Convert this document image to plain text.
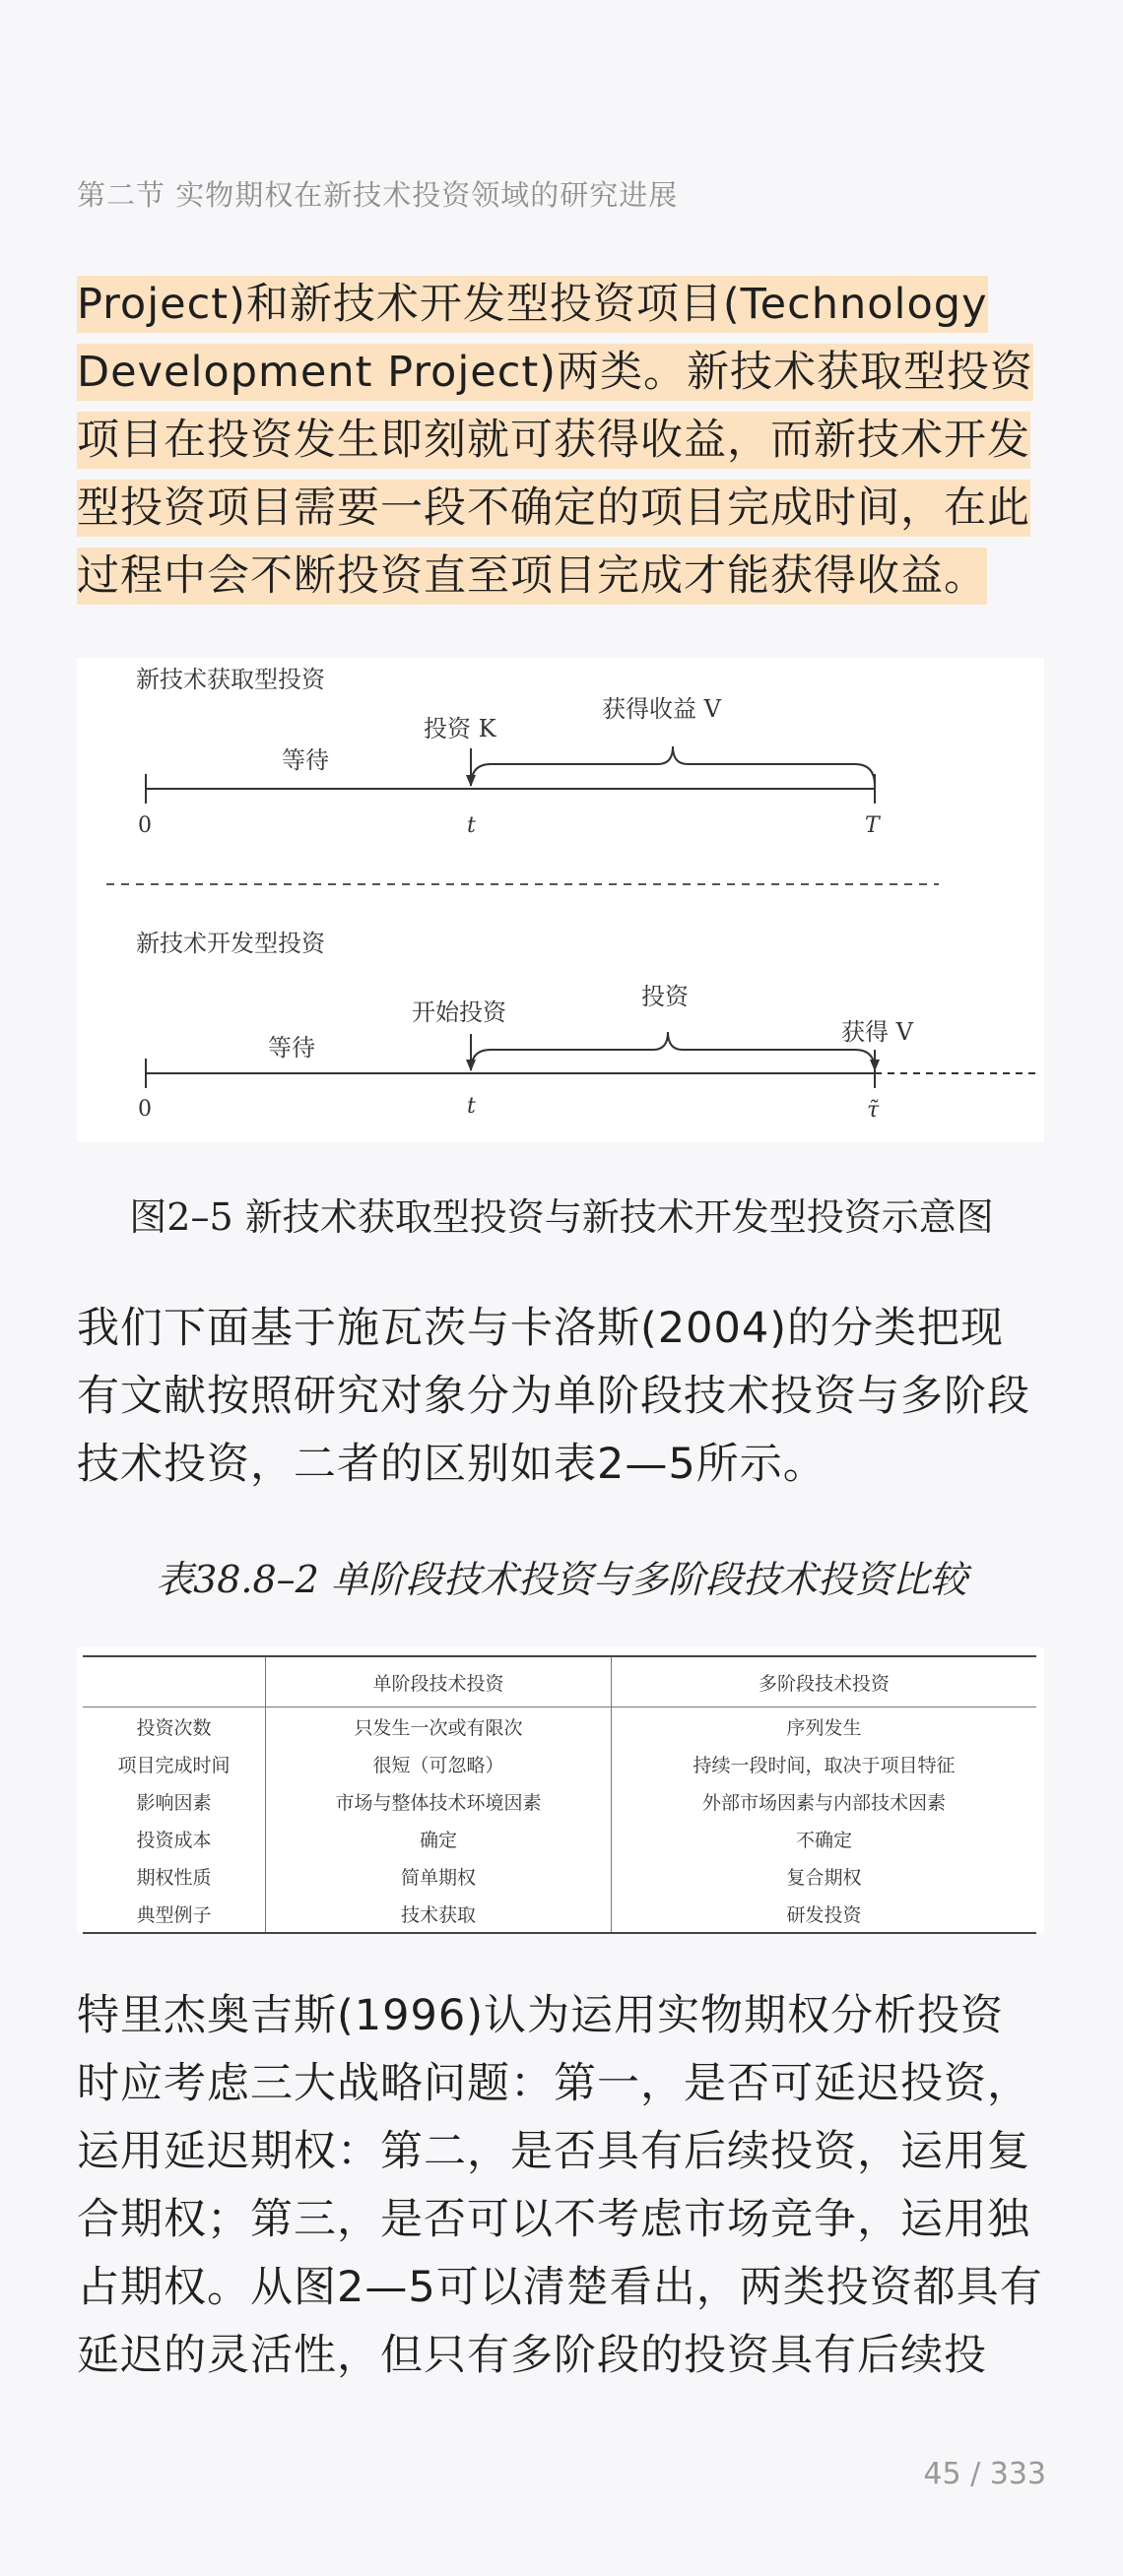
第二节 实物期权在新技术投资领域的研究进展

Project)和新技术开发型投资项目(Technology Development Project)两类。新技术获取型投资项目在投资发生即刻就可获得收益，而新技术开发型投资项目需要一段不确定的项目完成时间，在此过程中会不断投资直至项目完成才能获得收益。

新技术获取型投资
等待
投资 K
获得收益 V
0	t	T
新技术开发型投资
等待
开始投资
投资
获得 V
0	t	τ̃
图2–5 新技术获取型投资与新技术开发型投资示意图

我们下面基于施瓦茨与卡洛斯(2004)的分类把现有文献按照研究对象分为单阶段技术投资与多阶段技术投资，二者的区别如表2—5所示。

表38.8–2 单阶段技术投资与多阶段技术投资比较
	单阶段技术投资	多阶段技术投资
投资次数	只发生一次或有限次	序列发生
项目完成时间	很短（可忽略）	持续一段时间，取决于项目特征
影响因素	市场与整体技术环境因素	外部市场因素与内部技术因素
投资成本	确定	不确定
期权性质	简单期权	复合期权
典型例子	技术获取	研发投资

特里杰奥吉斯(1996)认为运用实物期权分析投资时应考虑三大战略问题：第一，是否可延迟投资，运用延迟期权：第二，是否具有后续投资，运用复合期权；第三，是否可以不考虑市场竞争，运用独占期权。从图2—5可以清楚看出，两类投资都具有延迟的灵活性，但只有多阶段的投资具有后续投

45 / 333
